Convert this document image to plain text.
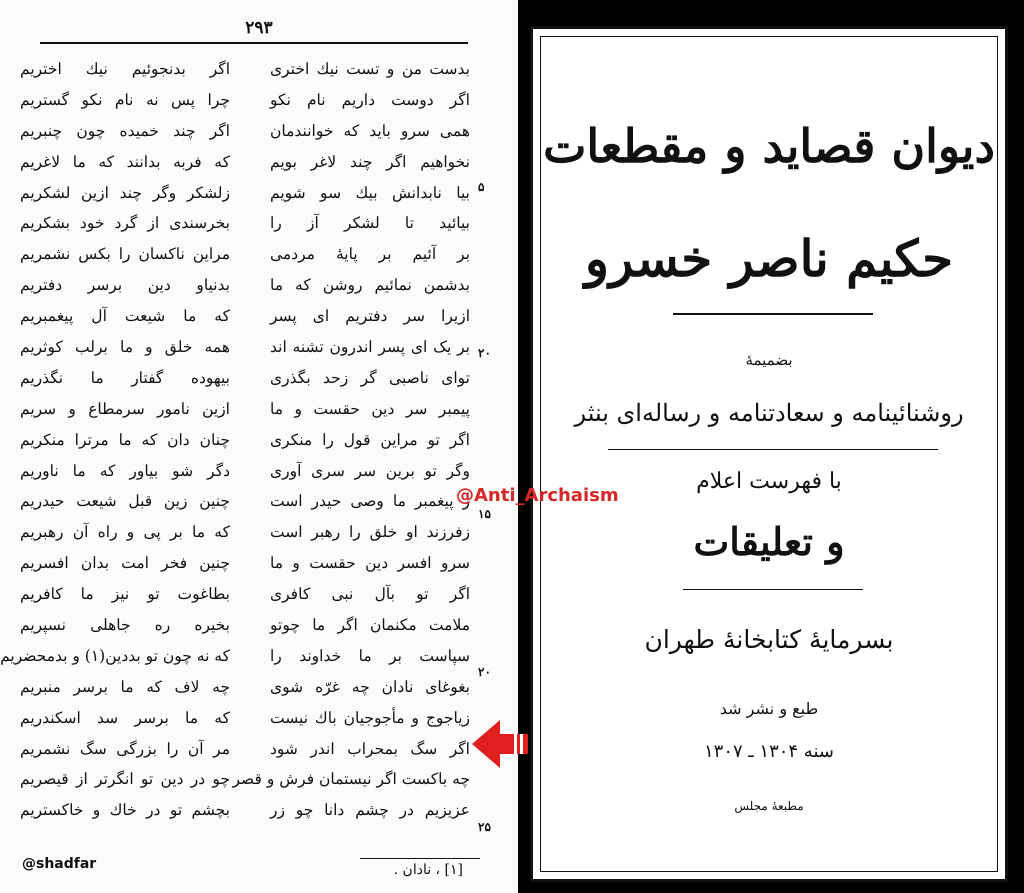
۲۹۳
بدست من و تست نیك اختری
اگر دوست داریم نام نکو
همی سرو باید که خوانندمان
نخواهیم اگر چند لاغر بویم
بیا نابدانش بیك سو شویم
بیائید تا لشکر آز را
بر آئیم بر پایهٔ مردمی
بدشمن نمائیم روشن که ما
ازیرا سر دفتریم ای پسر
بر یک ای پسر اندرون تشنه اند
توای ناصبی گر زحد بگذری
پیمبر سر دین حقست و ما
اگر تو مراین قول را منکری
وگر تو برین سر سری آوری
ز پیغمبر ما وصی حیدر است
زفرزند او خلق را رهبر است
سرو افسر دین حقست و ما
اگر تو بآل نبی کافری
ملامت مکنمان اگر ما چوتو
سپاست بر ما خداوند را
بغوغای نادان چه غرّه شوی
زیاجوج و مأجوجیان باك نیست
اگر سگ بمحراب اندر شود
چه باکست اگر نیستمان فرش و قصر
عزیزیم در چشم دانا چو زر
اگر بدنجوئیم نیك اختریم
چرا پس نه نام نکو گستریم
اگر چند خمیده چون چنبریم
که فربه بدانند که ما لاغریم
زلشکر وگر چند ازین لشکریم
بخرسندی از گرد خود بشکریم
مراین ناکسان را بکس نشمریم
بدنیاو دین برسر دفتریم
که ما شیعت آل پیغمبریم
همه خلق و ما برلب کوثریم
بیهوده گفتار ما نگذریم
ازین نامور سرمطاع و سریم
چنان دان که ما مرترا منکریم
دگر شو بیاور که ما ناوریم
چنین زین قبل شیعت حیدریم
که ما بر پی و راه آن رهبریم
چنین فخر امت بدان افسریم
بطاغوت تو نیز ما کافریم
بخیره ره جاهلی نسپریم
که نه چون تو بددین(۱) و بدمحضریم
چه لاف که ما برسر منبریم
که ما برسر سد اسکندریم
مر آن را بزرگی سگ نشمریم
چو در دین تو انگرتر از قیصریم
بچشم تو در خاك و خاکستریم
۵
۲۰
۱۵
۲۰
۲۵
[۱] ، نادان .
@shadfar
دیوان قصاید و مقطعات
حکیم ناصر خسرو
بضمیمهٔ
روشنائینامه و سعادتنامه و رساله‌ای بنثر
با فهرست اعلام
و تعلیقات
بسرمایهٔ کتابخانهٔ طهران
طبع و نشر شد
سنه ۱۳۰۴ ـ ۱۳۰۷
مطبعهٔ مجلس
@Anti_Archaism
